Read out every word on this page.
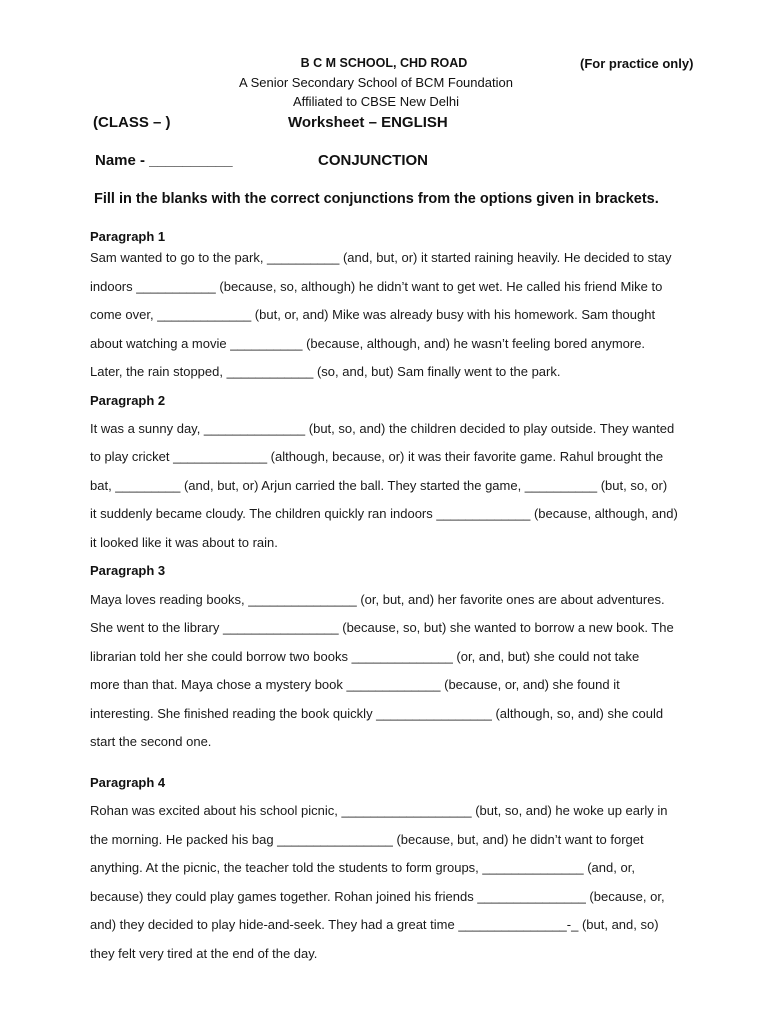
B C M SCHOOL, CHD ROAD	(For practice only)
A Senior Secondary School of BCM Foundation
Affiliated to CBSE New Delhi
(CLASS – )	Worksheet – ENGLISH
Name - __________	CONJUNCTION
Fill in the blanks with the correct conjunctions from the options given in brackets.
Paragraph 1
Sam wanted to go to the park, __________ (and, but, or) it started raining heavily. He decided to stay
indoors ___________ (because, so, although) he didn’t want to get wet. He called his friend Mike to
come over, _____________ (but, or, and) Mike was already busy with his homework. Sam thought
about watching a movie __________ (because, although, and) he wasn’t feeling bored anymore.
Later, the rain stopped, ____________ (so, and, but) Sam finally went to the park.
Paragraph 2
It was a sunny day, ______________ (but, so, and) the children decided to play outside. They wanted
to play cricket _____________ (although, because, or) it was their favorite game. Rahul brought the
bat, _________ (and, but, or) Arjun carried the ball. They started the game, __________ (but, so, or)
it suddenly became cloudy. The children quickly ran indoors _____________ (because, although, and)
it looked like it was about to rain.
Paragraph 3
Maya loves reading books, _______________ (or, but, and) her favorite ones are about adventures.
She went to the library ________________ (because, so, but) she wanted to borrow a new book. The
librarian told her she could borrow two books ______________ (or, and, but) she could not take
more than that. Maya chose a mystery book _____________ (because, or, and) she found it
interesting. She finished reading the book quickly ________________ (although, so, and) she could
start the second one.
Paragraph 4
Rohan was excited about his school picnic, __________________ (but, so, and) he woke up early in
the morning. He packed his bag ________________ (because, but, and) he didn’t want to forget
anything. At the picnic, the teacher told the students to form groups, ______________ (and, or,
because) they could play games together. Rohan joined his friends _______________ (because, or,
and) they decided to play hide-and-seek. They had a great time _______________-_ (but, and, so)
they felt very tired at the end of the day.
